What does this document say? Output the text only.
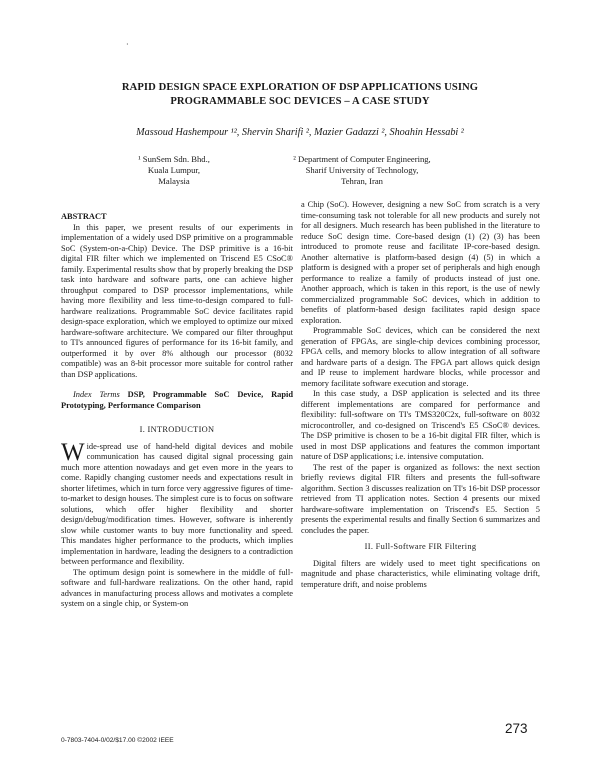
·
RAPID DESIGN SPACE EXPLORATION OF DSP APPLICATIONS USING
PROGRAMMABLE SOC DEVICES – A CASE STUDY
Massoud Hashempour ¹², Shervin Sharifi ², Mazier Gadazzi ², Shoahin Hessabi ²
¹ SunSem Sdn. Bhd.,
Kuala Lumpur,
Malaysia
² Department of Computer Engineering,
Sharif University of Technology,
Tehran, Iran

ABSTRACT

In this paper, we present results of our experiments in implementation of a widely used DSP primitive on a programmable SoC (System-on-a-Chip) Device. The DSP primitive is a 16-bit digital FIR filter which we implemented on Triscend E5 CSoC® family. Experimental results show that by properly breaking the DSP task into hardware and software parts, one can achieve higher throughput compared to DSP processor implementations, while having more flexibility and less time-to-design compared to full-hardware realizations. Programmable SoC device facilitates rapid design-space exploration, which we employed to optimize our mixed hardware-software architecture. We compared our filter throughput to TI's announced figures of performance for its 16-bit family, and outperformed it by over 8% although our processor (8032 compatible) was an 8-bit processor more suitable for control rather than DSP applications.

Index Terms DSP, Programmable SoC Device, Rapid Prototyping, Performance Comparison

I. INTRODUCTION

Wide-spread use of hand-held digital devices and mobile communication has caused digital signal processing gain much more attention nowadays and get even more in the years to come. Rapidly changing customer needs and expectations result in shorter lifetimes, which in turn force very aggressive figures of time-to-market to design houses. The simplest cure is to focus on software solutions, which offer higher flexibility and shorter design/debug/modification times. However, software is inherently slow while customer wants to buy more functionality and speed. This mandates higher performance to the products, which implies implementation in hardware, leading the designers to a contradiction between performance and flexibility.

The optimum design point is somewhere in the middle of full-software and full-hardware realizations. On the other hand, rapid advances in manufacturing process allows and motivates a complete system on a single chip, or System-on

a Chip (SoC). However, designing a new SoC from scratch is a very time-consuming task not tolerable for all new products and surely not for all designers. Much research has been published in the literature to reduce SoC design time. Core-based design (1) (2) (3) has been introduced to promote reuse and facilitate IP-core-based design. Another alternative is platform-based design (4) (5) in which a platform is designed with a proper set of peripherals and high enough performance to realize a family of products instead of just one. Another approach, which is taken in this report, is the use of newly commercialized programmable SoC devices, which in addition to benefits of platform-based design facilitates rapid design space exploration.

Programmable SoC devices, which can be considered the next generation of FPGAs, are single-chip devices combining processor, FPGA cells, and memory blocks to allow integration of all software and hardware parts of a design. The FPGA part allows quick design and IP reuse to implement hardware blocks, while processor and memory facilitate software execution and storage.

In this case study, a DSP application is selected and its three different implementations are compared for performance and flexibility: full-software on TI's TMS320C2x, full-software on 8032 microcontroller, and co-designed on Triscend's E5 CSoC® devices. The DSP primitive is chosen to be a 16-bit digital FIR filter, which is used in most DSP applications and features the common important nature of DSP applications; i.e. intensive computation.

The rest of the paper is organized as follows: the next section briefly reviews digital FIR filters and presents the full-software algorithm. Section 3 discusses realization on TI's 16-bit DSP processor retrieved from TI application notes. Section 4 presents our mixed hardware-software implementation on Triscend's E5. Section 5 presents the experimental results and finally Section 6 summarizes and concludes the paper.

II. Full-Software FIR Filtering

Digital filters are widely used to meet tight specifications on magnitude and phase characteristics, while eliminating voltage drift, temperature drift, and noise problems

0-7803-7404-0/02/$17.00 ©2002 IEEE
273
